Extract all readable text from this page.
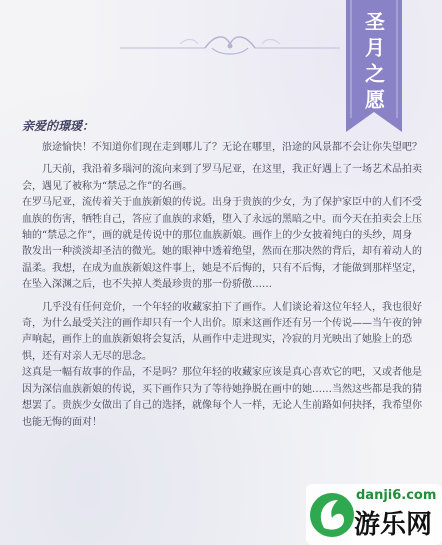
圣月之愿
亲爱的璟瑗：

旅途愉快！不知道你们现在走到哪儿了？无论在哪里，沿途的风景都不会让你失望吧？

几天前，我沿着多瑙河的流向来到了罗马尼亚，在这里，我正好遇上了一场艺术品拍卖会，遇见了被称为“禁忌之作”的名画。

在罗马尼亚，流传着关于血族新娘的传说。出身于贵族的少女，为了保护家臣中的人们不受血族的伤害，牺牲自己，答应了血族的求婚，堕入了永远的黑暗之中。而今天在拍卖会上压轴的“禁忌之作”，画的就是传说中的那位血族新娘。画作上的少女披着纯白的头纱，周身散发出一种淡淡却圣洁的微光。她的眼神中透着绝望，然而在那决然的背后，却有着动人的温柔。我想，在成为血族新娘这件事上，她是不后悔的，只有不后悔，才能做到那样坚定，在坠入深渊之后，也不失掉人类最珍贵的那一份骄傲……

几乎没有任何竞价，一个年轻的收藏家拍下了画作。人们谈论着这位年轻人，我也很好奇，为什么最受关注的画作却只有一个人出价。原来这画作还有另一个传说——当午夜的钟声响起，画作上的血族新娘将会复活，从画作中走进现实，冷寂的月光映出了她脸上的恐惧，还有对亲人无尽的思念。

这真是一幅有故事的作品，不是吗？那位年轻的收藏家应该是真心喜欢它的吧，又或者他是因为深信血族新娘的传说，买下画作只为了等待她挣脱在画中的她……当然这些都是我的猜想罢了。贵族少女做出了自己的选择，就像每个人一样，无论人生前路如何抉择，我希望你也能无悔的面对！

danji6.com
游乐网
